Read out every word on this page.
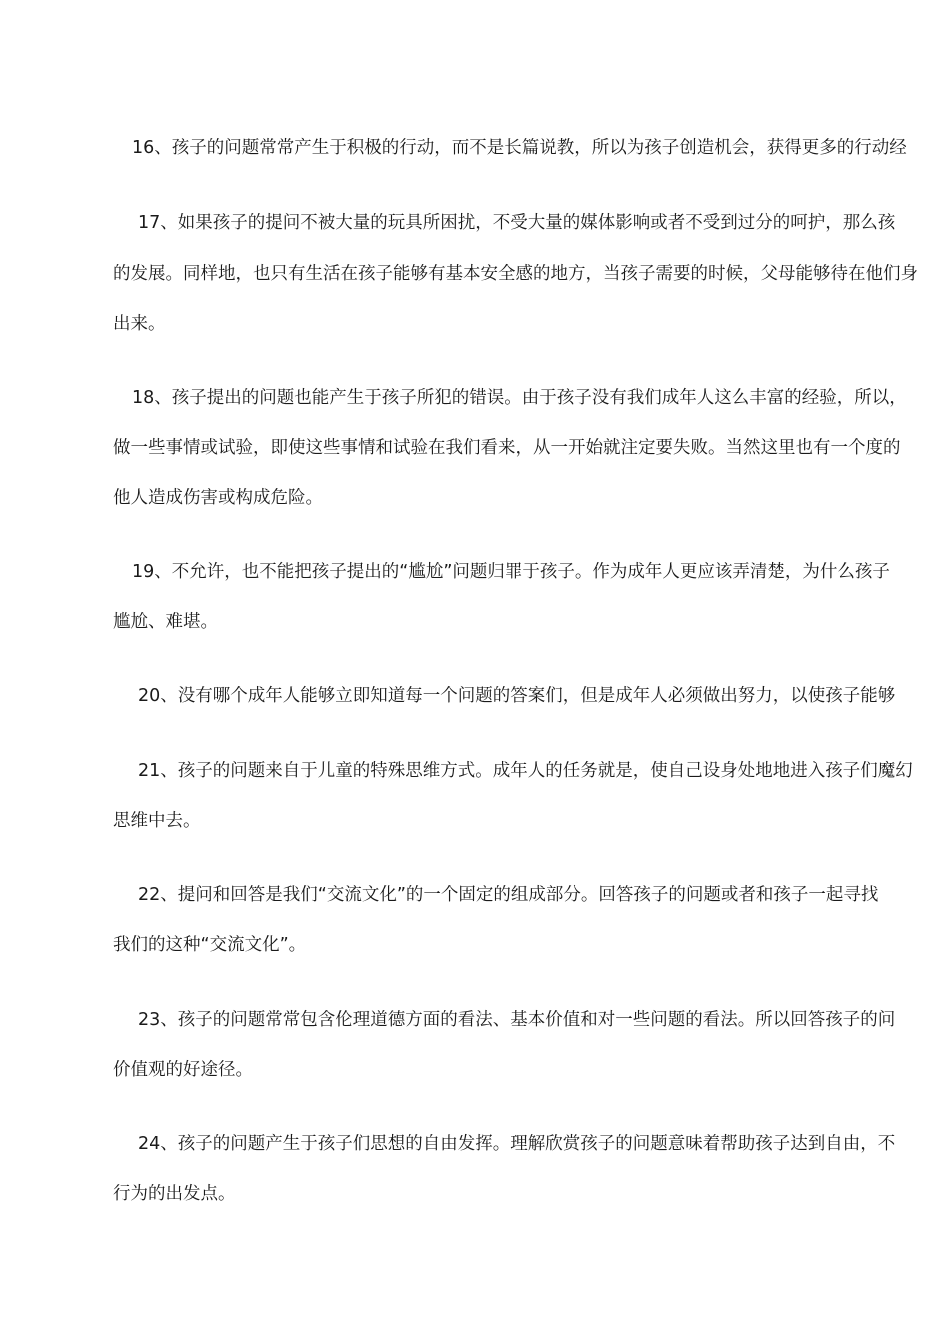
16、孩子的问题常常产生于积极的行动，而不是长篇说教，所以为孩子创造机会，获得更多的行动经
17、如果孩子的提问不被大量的玩具所困扰，不受大量的媒体影响或者不受到过分的呵护，那么孩
的发展。同样地，也只有生活在孩子能够有基本安全感的地方，当孩子需要的时候，父母能够待在他们身
出来。
18、孩子提出的问题也能产生于孩子所犯的错误。由于孩子没有我们成年人这么丰富的经验，所以，
做一些事情或试验，即使这些事情和试验在我们看来，从一开始就注定要失败。当然这里也有一个度的
他人造成伤害或构成危险。
19、不允许，也不能把孩子提出的“尴尬”问题归罪于孩子。作为成年人更应该弄清楚，为什么孩子
尴尬、难堪。
20、没有哪个成年人能够立即知道每一个问题的答案们，但是成年人必须做出努力，以使孩子能够
21、孩子的问题来自于儿童的特殊思维方式。成年人的任务就是，使自己设身处地地进入孩子们魔幻
思维中去。
22、提问和回答是我们“交流文化”的一个固定的组成部分。回答孩子的问题或者和孩子一起寻找
我们的这种“交流文化”。
23、孩子的问题常常包含伦理道德方面的看法、基本价值和对一些问题的看法。所以回答孩子的问
价值观的好途径。
24、孩子的问题产生于孩子们思想的自由发挥。理解欣赏孩子的问题意味着帮助孩子达到自由，不
行为的出发点。
